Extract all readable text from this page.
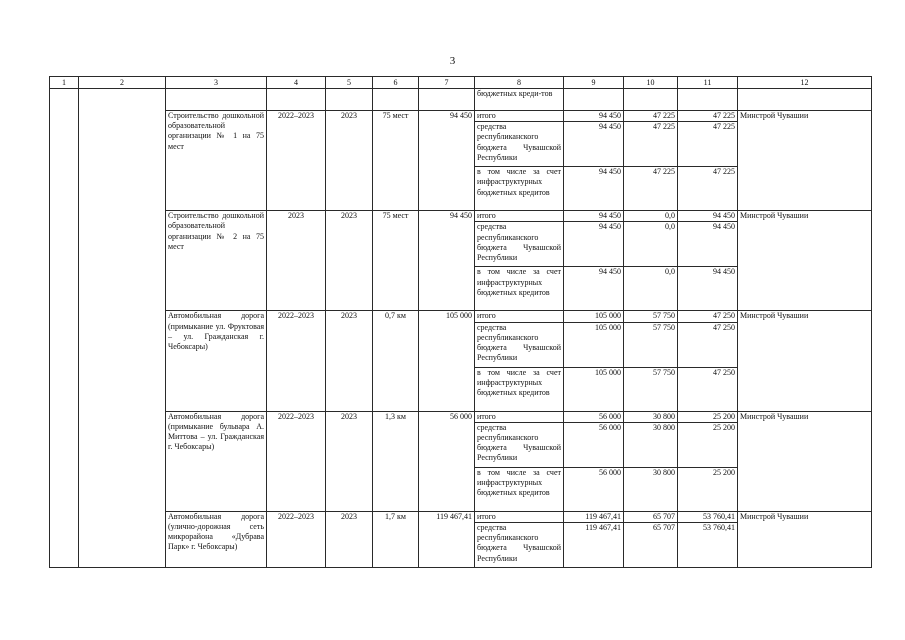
3
1	2	3	4	5	6	7	8	9	10	11	12
							бюджетных креди-тов				
		Строительство дошкольной образовательной организации № 1 на 75 мест	2022–2023	2023	75 мест	94 450	итого	94 450	47 225	47 225	Минстрой Чувашии
							средства республиканского бюджета Чувашской Республики	94 450	47 225	47 225	
							в том числе за счет инфраструктурных бюджетных кредитов	94 450	47 225	47 225	
		Строительство дошкольной образовательной организации № 2 на 75 мест	2023	2023	75 мест	94 450	итого	94 450	0,0	94 450	Минстрой Чувашии
							средства республиканского бюджета Чувашской Республики	94 450	0,0	94 450	
							в том числе за счет инфраструктурных бюджетных кредитов	94 450	0,0	94 450	
		Автомобильная дорога (примыкание ул. Фруктовая – ул. Гражданская г. Чебоксары)	2022–2023	2023	0,7 км	105 000	итого	105 000	57 750	47 250	Минстрой Чувашии
							средства республиканского бюджета Чувашской Республики	105 000	57 750	47 250	
							в том числе за счет инфраструктурных бюджетных кредитов	105 000	57 750	47 250	
		Автомобильная дорога (примыкание бульвара А. Миттова – ул. Гражданская г. Чебоксары)	2022–2023	2023	1,3 км	56 000	итого	56 000	30 800	25 200	Минстрой Чувашии
							средства республиканского бюджета Чувашской Республики	56 000	30 800	25 200	
							в том числе за счет инфраструктурных бюджетных кредитов	56 000	30 800	25 200	
		Автомобильная дорога (улично-дорожная сеть микрорайона «Дубрава Парк» г. Чебоксары)	2022–2023	2023	1,7 км	119 467,41	итого	119 467,41	65 707	53 760,41	Минстрой Чувашии
							средства республиканского бюджета Чувашской Республики	119 467,41	65 707	53 760,41	
